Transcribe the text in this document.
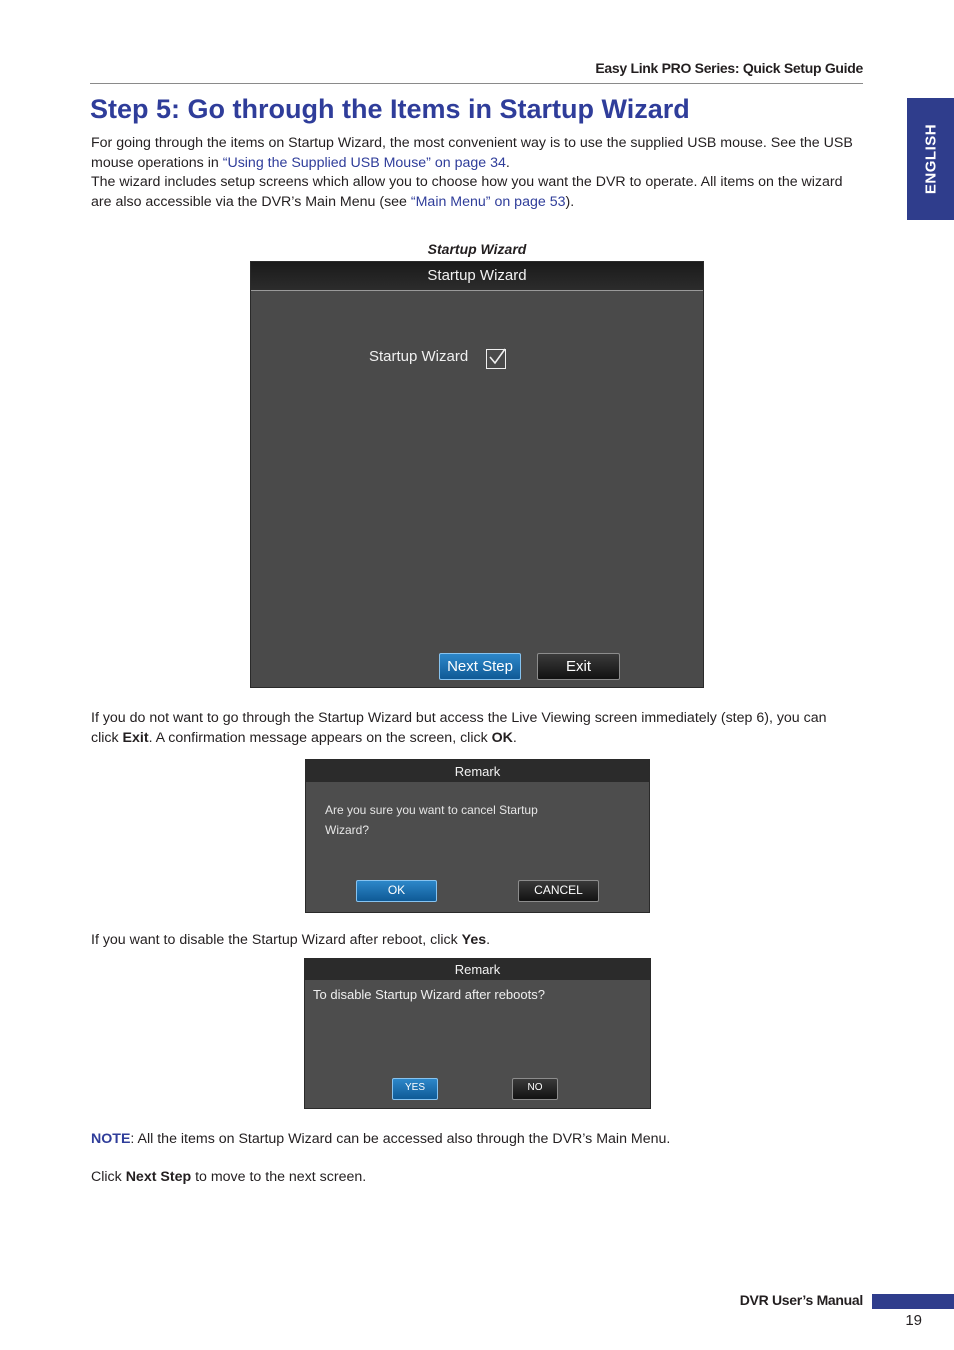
Easy Link PRO Series: Quick Setup Guide
ENGLISH
Step 5: Go through the Items in Startup Wizard
For going through the items on Startup Wizard, the most convenient way is to use the supplied USB mouse. See the USB mouse operations in “Using the Supplied USB Mouse” on page 34.
The wizard includes setup screens which allow you to choose how you want the DVR to operate. All items on the wizard are also accessible via the DVR’s Main Menu (see “Main Menu” on page 53).
Startup Wizard
Startup Wizard
Startup Wizard
Next Step	Exit
If you do not want to go through the Startup Wizard but access the Live Viewing screen immediately (step 6), you can click Exit. A confirmation message appears on the screen, click OK.
Remark
Are you sure you want to cancel Startup Wizard?
OK	CANCEL
If you want to disable the Startup Wizard after reboot, click Yes.
Remark
To disable Startup Wizard after reboots?
YES	NO
NOTE: All the items on Startup Wizard can be accessed also through the DVR’s Main Menu.
Click Next Step to move to the next screen.
DVR User’s Manual
19
